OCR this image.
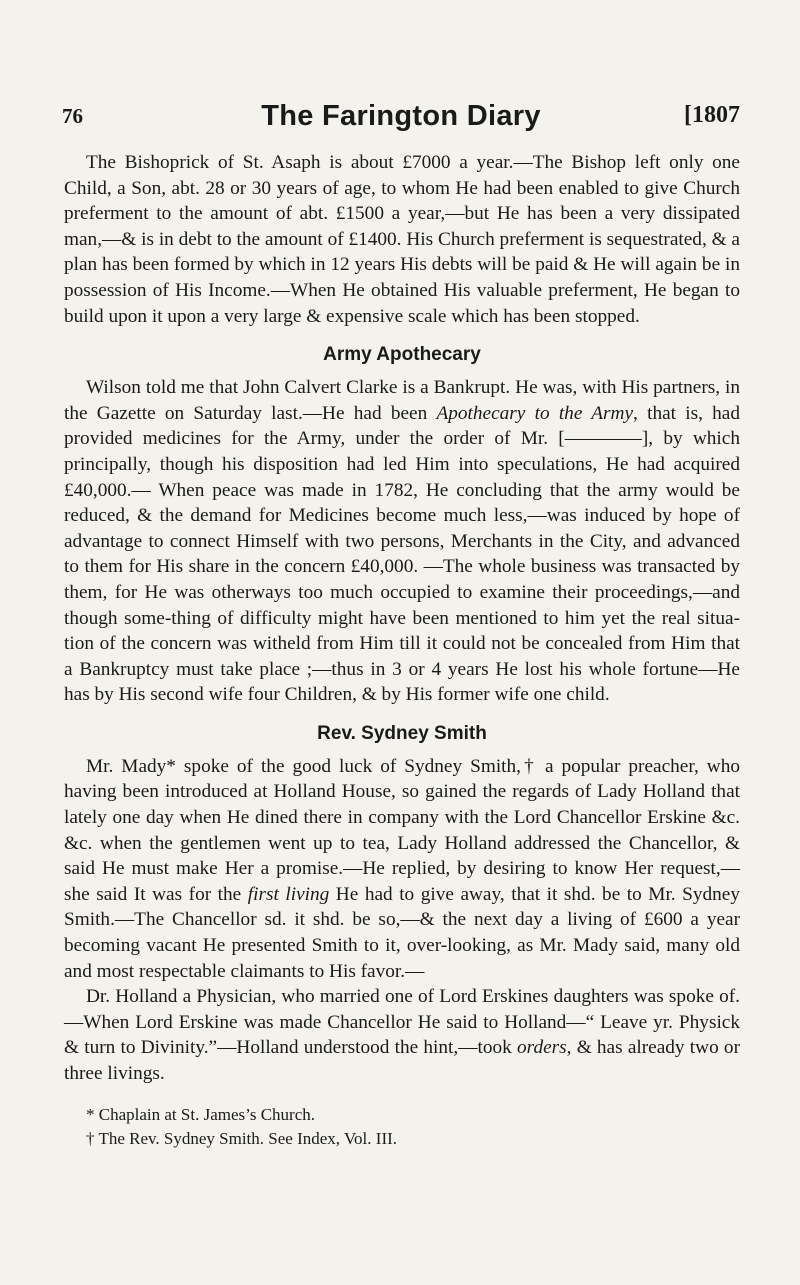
76	The Farington Diary	[1807

The Bishoprick of St. Asaph is about £7000 a year.—The Bishop left only one Child, a Son, abt. 28 or 30 years of age, to whom He had been enabled to give Church preferment to the amount of abt. £1500 a year,—but He has been a very dissipated man,—& is in debt to the amount of £1400. His Church preferment is sequestrated, & a plan has been formed by which in 12 years His debts will be paid & He will again be in possession of His Income.—When He obtained His valuable preferment, He began to build upon it upon a very large & expensive scale which has been stopped.

Army Apothecary

Wilson told me that John Calvert Clarke is a Bankrupt. He was, with His partners, in the Gazette on Saturday last.—He had been Apothecary to the Army, that is, had provided medicines for the Army, under the order of Mr. [————], by which principally, though his disposition had led Him into speculations, He had acquired £40,000.— When peace was made in 1782, He concluding that the army would be reduced, & the demand for Medicines become much less,—was induced by hope of advantage to connect Himself with two persons, Merchants in the City, and advanced to them for His share in the concern £40,000. —The whole business was transacted by them, for He was otherways too much occupied to examine their proceedings,—and though some-thing of difficulty might have been mentioned to him yet the real situa-tion of the concern was witheld from Him till it could not be concealed from Him that a Bankruptcy must take place ;—thus in 3 or 4 years He lost his whole fortune—He has by His second wife four Children, & by His former wife one child.

Rev. Sydney Smith

Mr. Mady* spoke of the good luck of Sydney Smith,† a popular preacher, who having been introduced at Holland House, so gained the regards of Lady Holland that lately one day when He dined there in company with the Lord Chancellor Erskine &c. &c. when the gentlemen went up to tea, Lady Holland addressed the Chancellor, & said He must make Her a promise.—He replied, by desiring to know Her request,— she said It was for the first living He had to give away, that it shd. be to Mr. Sydney Smith.—The Chancellor sd. it shd. be so,—& the next day a living of £600 a year becoming vacant He presented Smith to it, over-looking, as Mr. Mady said, many old and most respectable claimants to His favor.—

Dr. Holland a Physician, who married one of Lord Erskines daughters was spoke of.—When Lord Erskine was made Chancellor He said to Holland—“ Leave yr. Physick & turn to Divinity.”—Holland understood the hint,—took orders, & has already two or three livings.

* Chaplain at St. James’s Church.
† The Rev. Sydney Smith. See Index, Vol. III.
